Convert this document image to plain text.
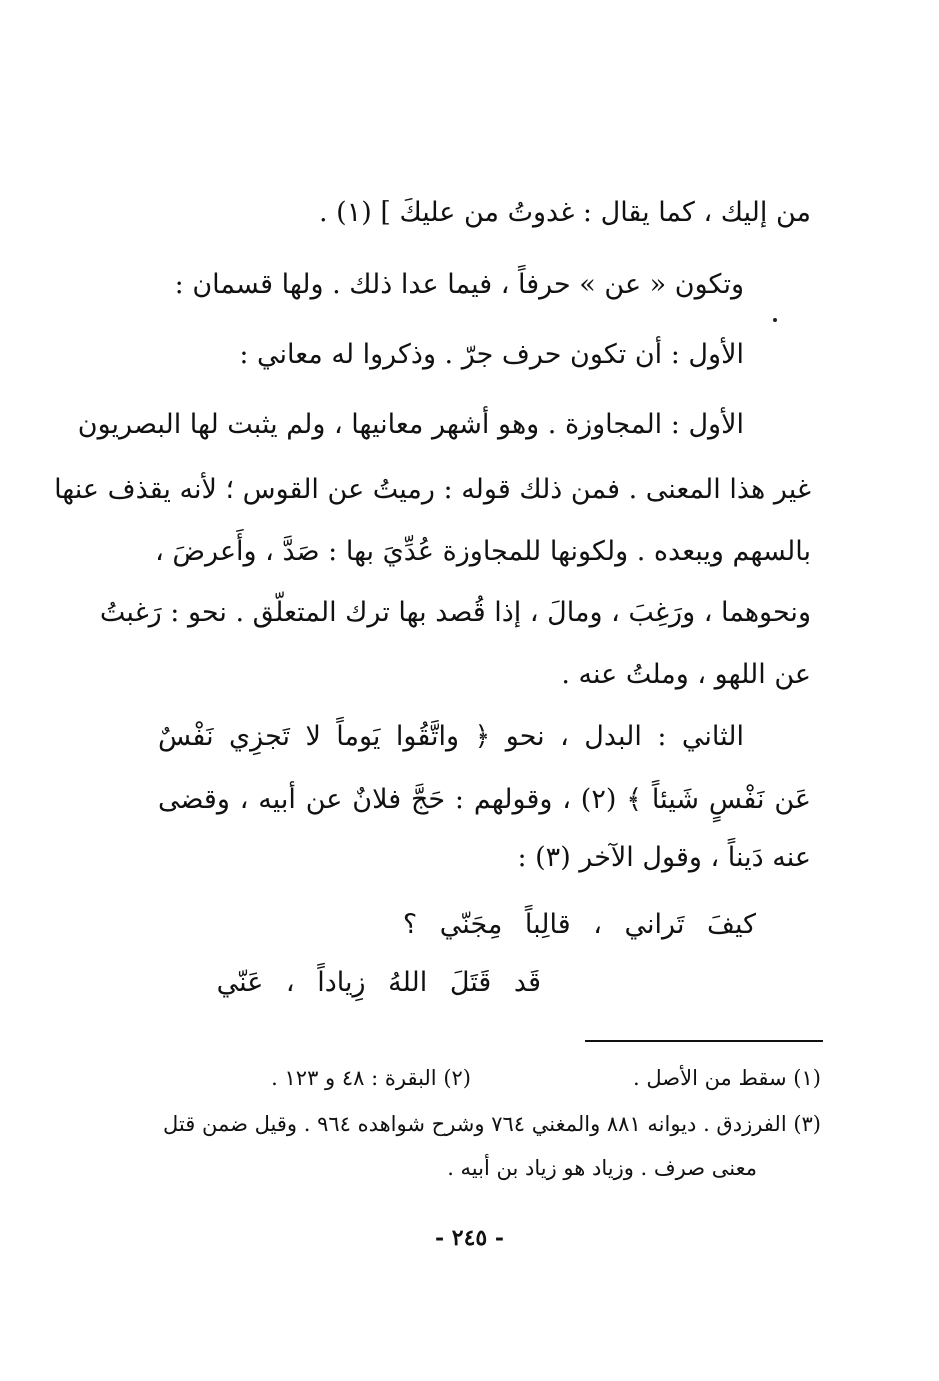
من إليك ، كما يقال : غدوتُ من عليكَ ] (١) .
وتكون « عن » حرفاً ، فيما عدا ذلك . ولها قسمان :
الأول : أن تكون حرف جرّ . وذكروا له معاني :
الأول : المجاوزة . وهو أشهر معانيها ، ولم يثبت لها البصريون
غير هذا المعنى . فمن ذلك قوله : رميتُ عن القوس ؛ لأنه يقذف عنها
بالسهم ويبعده . ولكونها للمجاوزة عُدِّيَ بها : صَدَّ ، وأَعرضَ ،
ونحوهما ، ورَغِبَ ، ومالَ ، إذا قُصد بها ترك المتعلّق . نحو : رَغبتُ
عن اللهو ، وملتُ عنه .
الثاني : البدل ، نحو ﴿ واتَّقُوا يَوماً لا تَجزِي نَفْسٌ
عَن نَفْسٍ شَيئاً ﴾ (٢) ، وقولهم : حَجَّ فلانٌ عن أبيه ، وقضى
عنه دَيناً ، وقول الآخر (٣) :
كيفَ تَراني ، قالِباً مِجَنّي ؟
قَد قَتَلَ اللهُ زِياداً ، عَنّي
(١) سقط من الأصل .
(٢) البقرة : ٤٨ و ١٢٣ .
(٣) الفرزدق . ديوانه ٨٨١ والمغني ٧٦٤ وشرح شواهده ٩٦٤ . وقيل ضمن قتل
معنى صرف . وزياد هو زياد بن أبيه .
- ٢٤٥ -
